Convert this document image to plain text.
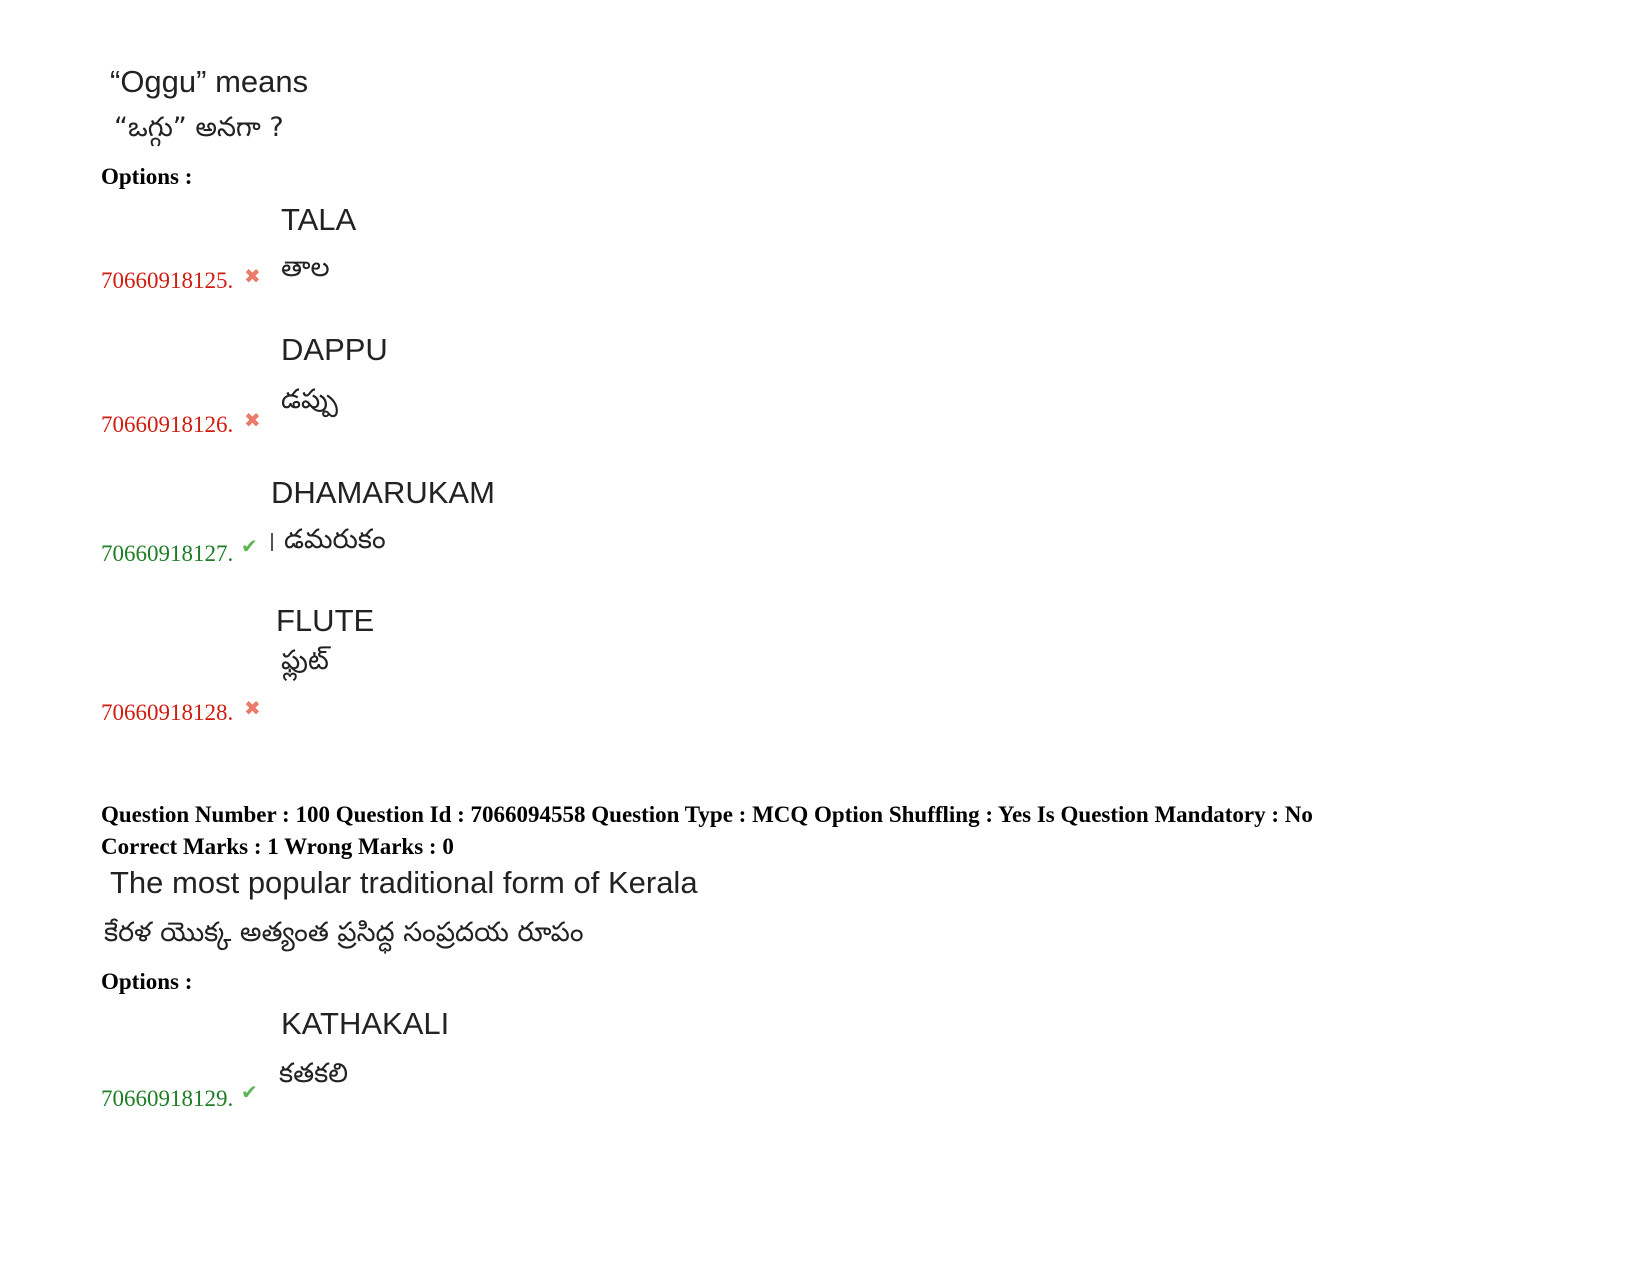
“Oggu” means
“ఒగ్గు” అనగా ?
Options :
TALA
తాల
70660918125. ✖
DAPPU
డప్పు
70660918126. ✖
DHAMARUKAM
డమరుకం
70660918127. ✔
FLUTE
ఫ్లుట్
70660918128. ✖
Question Number : 100 Question Id : 7066094558 Question Type : MCQ Option Shuffling : Yes Is Question Mandatory : No
Correct Marks : 1 Wrong Marks : 0
The most popular traditional form of Kerala
కేరళ యొక్క అత్యంత ప్రసిద్ధ సంప్రదయ రూపం
Options :
KATHAKALI
కతకలి
70660918129. ✔
